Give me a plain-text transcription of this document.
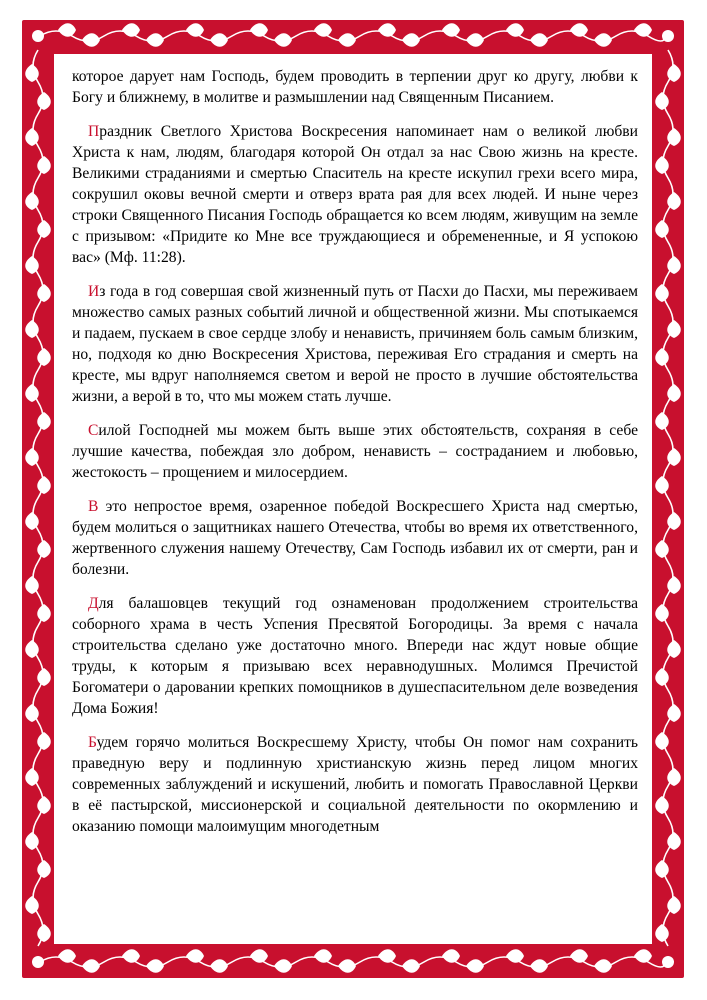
которое дарует нам Господь, будем проводить в терпении друг ко другу, любви к Богу и ближнему, в молитве и размышлении над Священным Писанием.

Праздник Светлого Христова Воскресения напоминает нам о великой любви Христа к нам, людям, благодаря которой Он отдал за нас Свою жизнь на кресте. Великими страданиями и смертью Спаситель на кресте искупил грехи всего мира, сокрушил оковы вечной смерти и отверз врата рая для всех людей. И ныне через строки Священного Писания Господь обращается ко всем людям, живущим на земле с призывом: «Придите ко Мне все труждающиеся и обремененные, и Я успокою вас» (Мф. 11:28).

Из года в год совершая свой жизненный путь от Пасхи до Пасхи, мы переживаем множество самых разных событий личной и общественной жизни. Мы спотыкаемся и падаем, пускаем в свое сердце злобу и ненависть, причиняем боль самым близким, но, подходя ко дню Воскресения Христова, переживая Его страдания и смерть на кресте, мы вдруг наполняемся светом и верой не просто в лучшие обстоятельства жизни, а верой в то, что мы можем стать лучше.

Силой Господней мы можем быть выше этих обстоятельств, сохраняя в себе лучшие качества, побеждая зло добром, ненависть – состраданием и любовью, жестокость – прощением и милосердием.

В это непростое время, озаренное победой Воскресшего Христа над смертью, будем молиться о защитниках нашего Отечества, чтобы во время их ответственного, жертвенного служения нашему Отечеству, Сам Господь избавил их от смерти, ран и болезни.

Для балашовцев текущий год ознаменован продолжением строительства соборного храма в честь Успения Пресвятой Богородицы. За время с начала строительства сделано уже достаточно много. Впереди нас ждут новые общие труды, к которым я призываю всех неравнодушных. Молимся Пречистой Богоматери о даровании крепких помощников в душеспасительном деле возведения Дома Божия!

Будем горячо молиться Воскресшему Христу, чтобы Он помог нам сохранить праведную веру и подлинную христианскую жизнь перед лицом многих современных заблуждений и искушений, любить и помогать Православной Церкви в её пастырской, миссионерской и социальной деятельности по окормлению и оказанию помощи малоимущим многодетным
